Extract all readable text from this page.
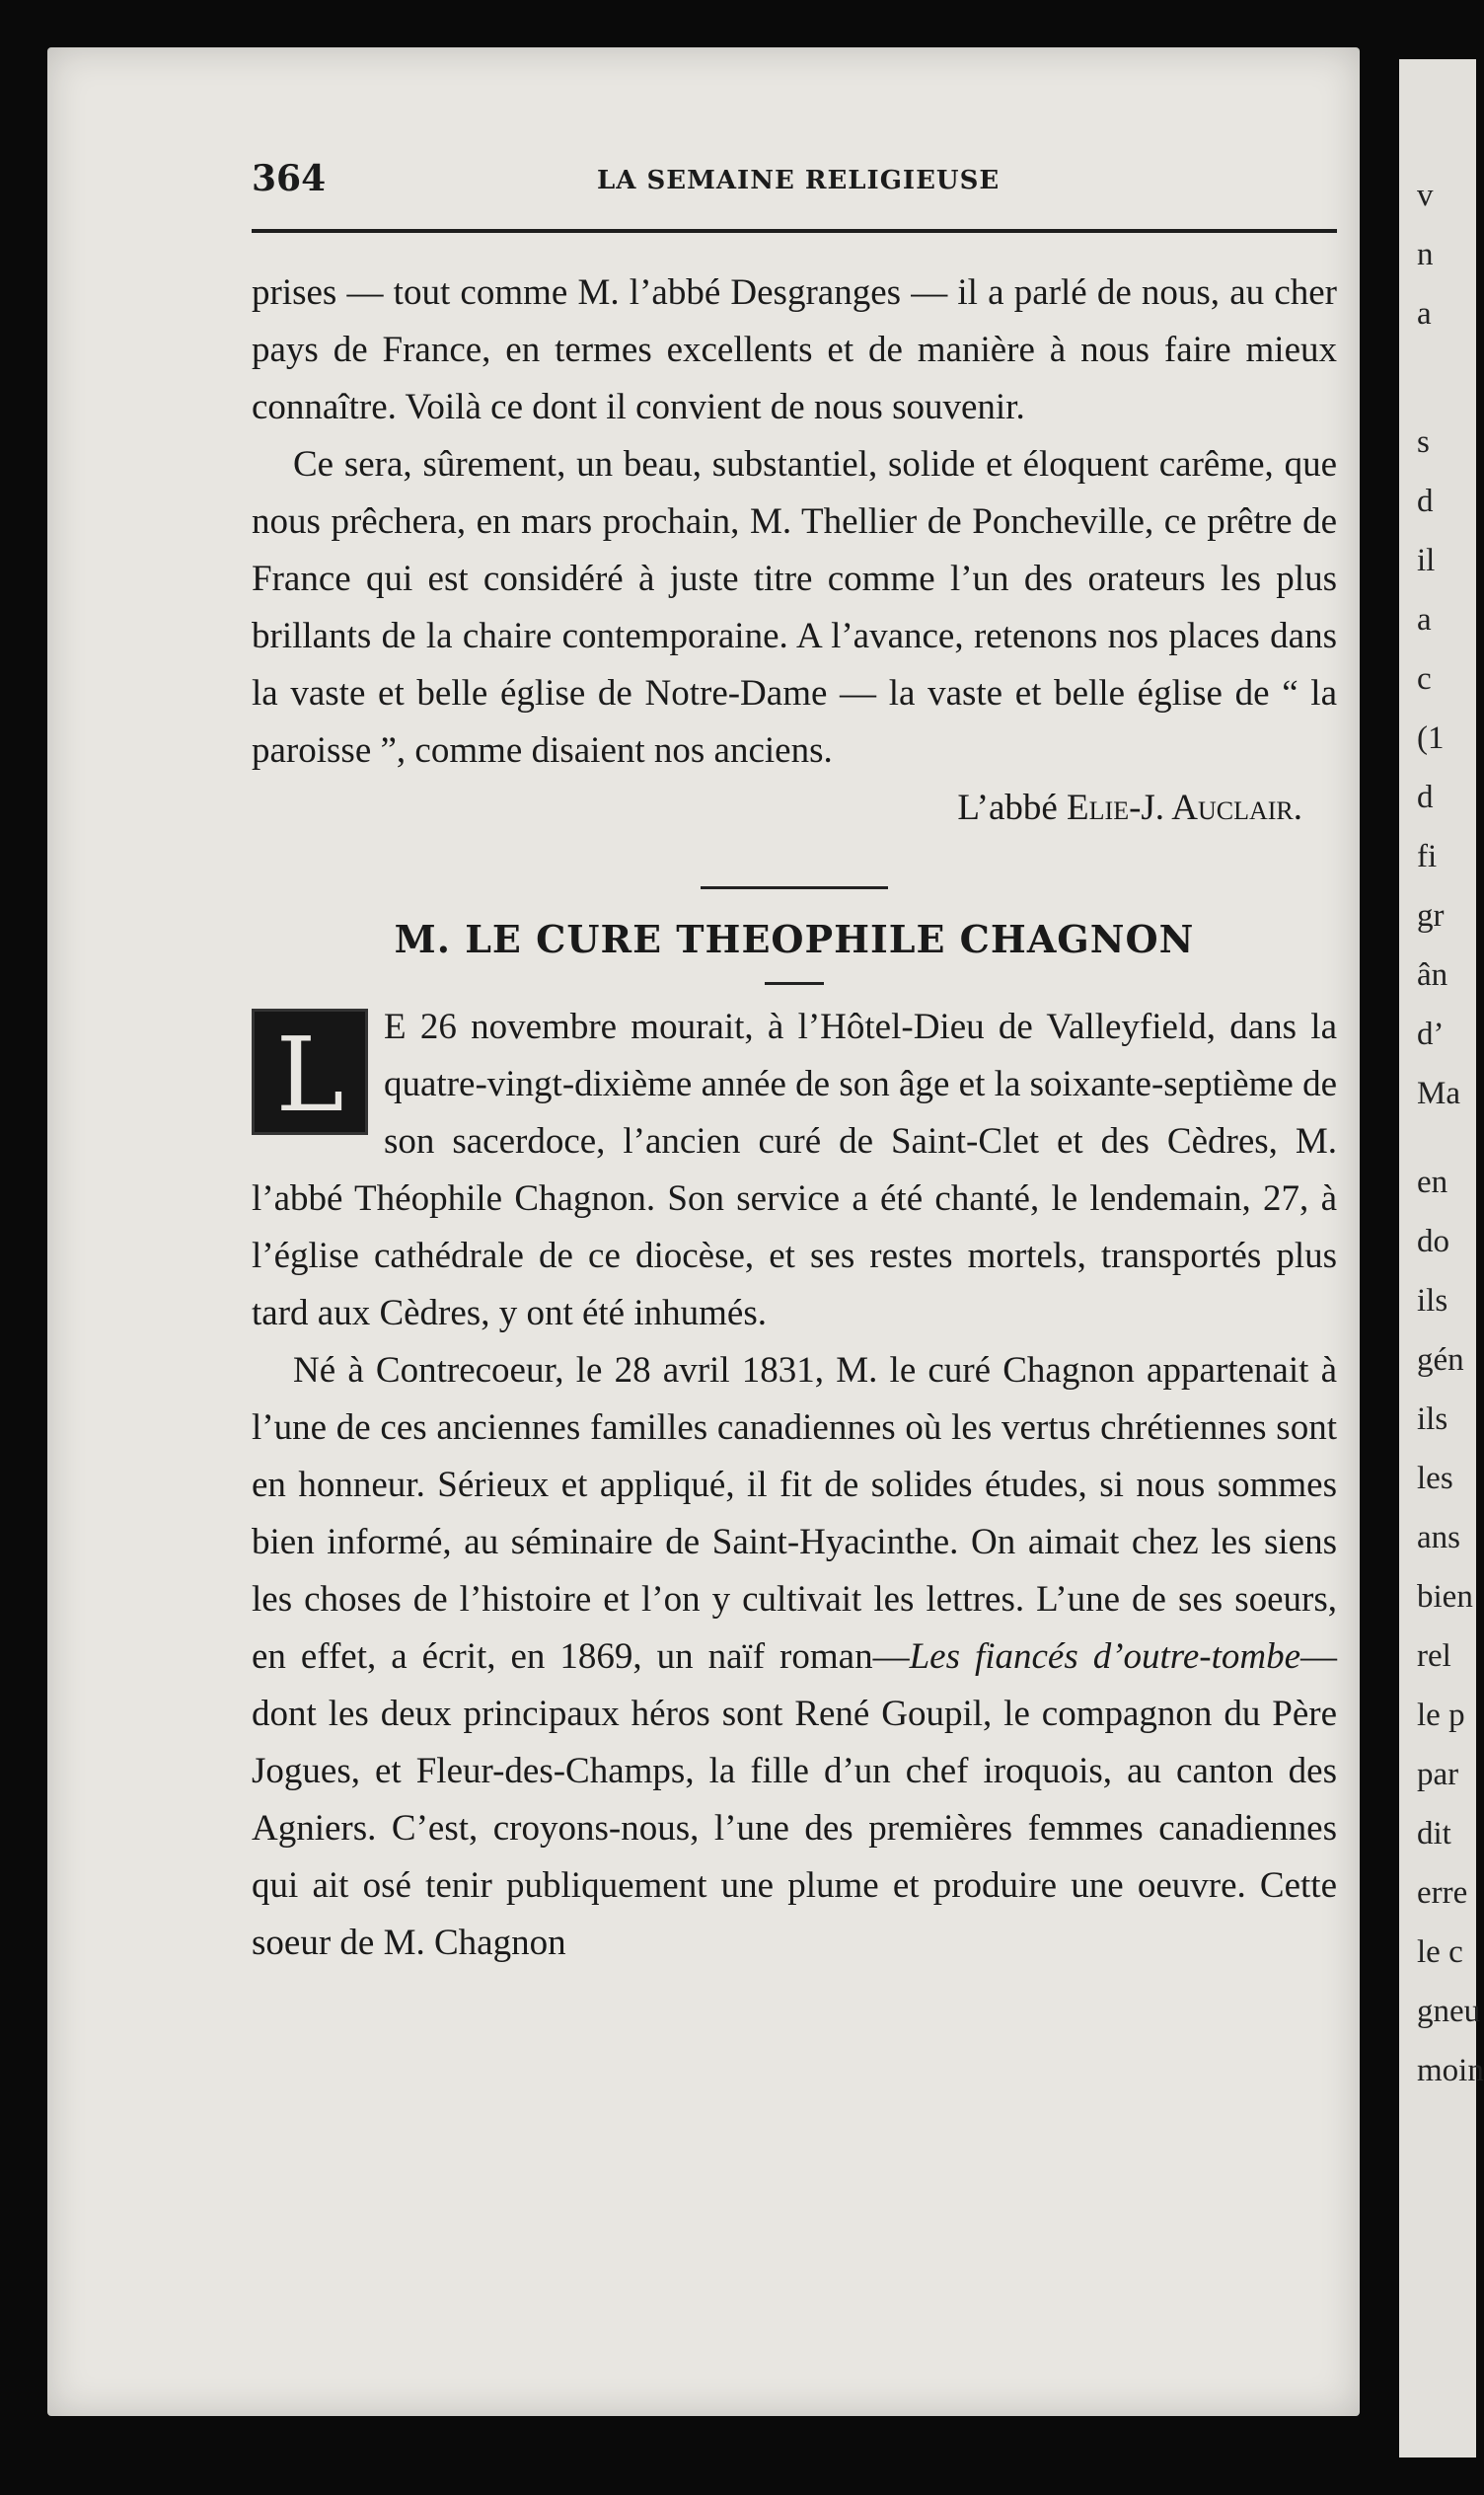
364	LA SEMAINE RELIGIEUSE

prises — tout comme M. l’abbé Desgranges — il a parlé de nous, au cher pays de France, en termes excellents et de manière à nous faire mieux connaître. Voilà ce dont il convient de nous souvenir.

Ce sera, sûrement, un beau, substantiel, solide et éloquent carême, que nous prêchera, en mars prochain, M. Thellier de Poncheville, ce prêtre de France qui est considéré à juste titre comme l’un des orateurs les plus brillants de la chaire contemporaine. A l’avance, retenons nos places dans la vaste et belle église de Notre-Dame — la vaste et belle église de “ la paroisse ”, comme disaient nos anciens.

L’abbé Elie-J. Auclair.

M. LE CURE THEOPHILE CHAGNON

L	E 26 novembre mourait, à l’Hôtel-Dieu de Valleyfield, dans la quatre-vingt-dixième année de son âge et la soixante-septième de son sacerdoce, l’ancien curé de Saint-Clet et des Cèdres, M. l’abbé Théophile Chagnon. Son service a été chanté, le lendemain, 27, à l’église cathédrale de ce diocèse, et ses restes mortels, transportés plus tard aux Cèdres, y ont été inhumés.

Né à Contrecoeur, le 28 avril 1831, M. le curé Chagnon appartenait à l’une de ces anciennes familles canadiennes où les vertus chrétiennes sont en honneur. Sérieux et appliqué, il fit de solides études, si nous sommes bien informé, au séminaire de Saint-Hyacinthe. On aimait chez les siens les choses de l’histoire et l’on y cultivait les lettres. L’une de ses soeurs, en effet, a écrit, en 1869, un naïf roman—Les fiancés d’outre-tombe—dont les deux principaux héros sont René Goupil, le compagnon du Père Jogues, et Fleur-des-Champs, la fille d’un chef iroquois, au canton des Agniers. C’est, croyons-nous, l’une des premières femmes canadiennes qui ait osé tenir publiquement une plume et produire une oeuvre. Cette soeur de M. Chagnon

v
n
a
s
d
il
a
c
(1
d
fi
gr
ân
d’
Ma
en
do
ils
gén
ils
les
ans
bien
rel
le p
par
dit
erre
le c
gneu
moin
